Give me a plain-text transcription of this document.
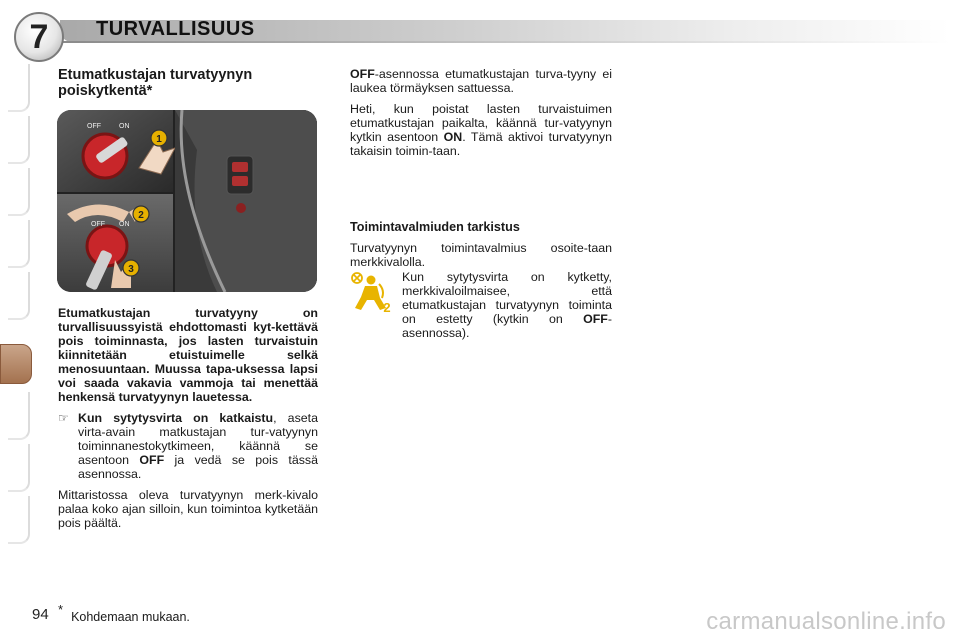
7 TURVALLISUUS
Etumatkustajan turvatyynyn poiskytkentä*
1
OFF	ON
2
OFF ON
3

Etumatkustajan turvatyyny on turvallisuussyistä ehdottomasti kyt-kettävä pois toiminnasta, jos lasten turvaistuin kiinnitetään etuistuimelle selkä menosuuntaan. Muussa tapa-uksessa lapsi voi saada vakavia vammoja tai menettää henkensä turvatyynyn lauetessa.

☞ Kun sytytysvirta on katkaistu, aseta virta-avain matkustajan tur-vatyynyn toiminnanestokytkimeen, käännä se asentoon OFF ja vedä se pois tässä asennossa.

Mittaristossa oleva turvatyynyn merk-kivalo palaa koko ajan silloin, kun toimintoa kytketään pois päältä.

OFF-asennossa etumatkustajan turva-tyyny ei laukea törmäyksen sattuessa.

Heti, kun poistat lasten turvaistuimen etumatkustajan paikalta, käännä tur-vatyynyn kytkin asentoon ON. Tämä aktivoi turvatyynyn takaisin toimin-taan.

Toimintavalmiuden tarkistus

Turvatyynyn toimintavalmius osoite-taan merkkivalolla.

2

Kun sytytysvirta on kytketty, merkkivaloilmaisee, että etumatkustajan turvatyynyn toiminta on estetty (kytkin on OFF-asennossa).

94 *Kohdemaan mukaan.	carmanualsonline.info
